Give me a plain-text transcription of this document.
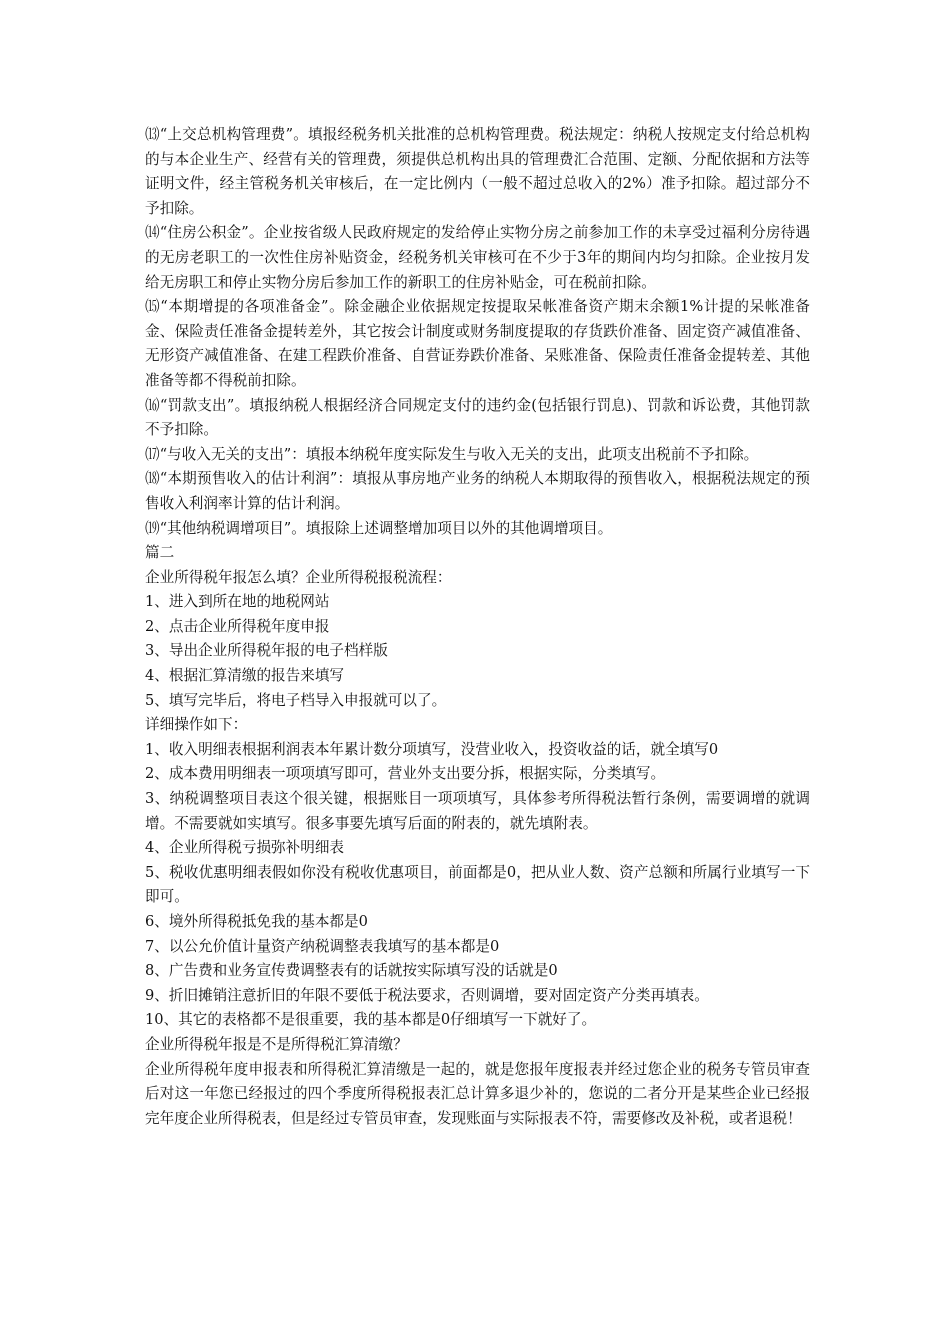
⒀“上交总机构管理费”。填报经税务机关批准的总机构管理费。税法规定：纳税人按规定支付给总机构的与本企业生产、经营有关的管理费，须提供总机构出具的管理费汇合范围、定额、分配依据和方法等证明文件，经主管税务机关审核后，在一定比例内（一般不超过总收入的2%）准予扣除。超过部分不予扣除。

⒁“住房公积金”。企业按省级人民政府规定的发给停止实物分房之前参加工作的未享受过福利分房待遇的无房老职工的一次性住房补贴资金，经税务机关审核可在不少于3年的期间内均匀扣除。企业按月发给无房职工和停止实物分房后参加工作的新职工的住房补贴金，可在税前扣除。

⒂“本期增提的各项准备金”。除金融企业依据规定按提取呆帐准备资产期末余额1%计提的呆帐准备金、保险责任准备金提转差外，其它按会计制度或财务制度提取的存货跌价准备、固定资产减值准备、无形资产减值准备、在建工程跌价准备、自营证券跌价准备、呆账准备、保险责任准备金提转差、其他准备等都不得税前扣除。

⒃“罚款支出”。填报纳税人根据经济合同规定支付的违约金(包括银行罚息)、罚款和诉讼费，其他罚款不予扣除。

⒄“与收入无关的支出”：填报本纳税年度实际发生与收入无关的支出，此项支出税前不予扣除。

⒅“本期预售收入的估计利润”：填报从事房地产业务的纳税人本期取得的预售收入，根据税法规定的预售收入利润率计算的估计利润。

⒆“其他纳税调增项目”。填报除上述调整增加项目以外的其他调增项目。

篇二

企业所得税年报怎么填？企业所得税报税流程：

1、进入到所在地的地税网站

2、点击企业所得税年度申报

3、导出企业所得税年报的电子档样版

4、根据汇算清缴的报告来填写

5、填写完毕后，将电子档导入申报就可以了。

详细操作如下：

1、收入明细表根据利润表本年累计数分项填写，没营业收入，投资收益的话，就全填写0

2、成本费用明细表一项项填写即可，营业外支出要分拆，根据实际，分类填写。

3、纳税调整项目表这个很关键，根据账目一项项填写，具体参考所得税法暂行条例，需要调增的就调增。不需要就如实填写。很多事要先填写后面的附表的，就先填附表。

4、企业所得税亏损弥补明细表

5、税收优惠明细表假如你没有税收优惠项目，前面都是0，把从业人数、资产总额和所属行业填写一下即可。

6、境外所得税抵免我的基本都是0

7、以公允价值计量资产纳税调整表我填写的基本都是0

8、广告费和业务宣传费调整表有的话就按实际填写没的话就是0

9、折旧摊销注意折旧的年限不要低于税法要求，否则调增，要对固定资产分类再填表。

10、其它的表格都不是很重要，我的基本都是0仔细填写一下就好了。

企业所得税年报是不是所得税汇算清缴？

企业所得税年度申报表和所得税汇算清缴是一起的，就是您报年度报表并经过您企业的税务专管员审查后对这一年您已经报过的四个季度所得税报表汇总计算多退少补的，您说的二者分开是某些企业已经报完年度企业所得税表，但是经过专管员审查，发现账面与实际报表不符，需要修改及补税，或者退税！
